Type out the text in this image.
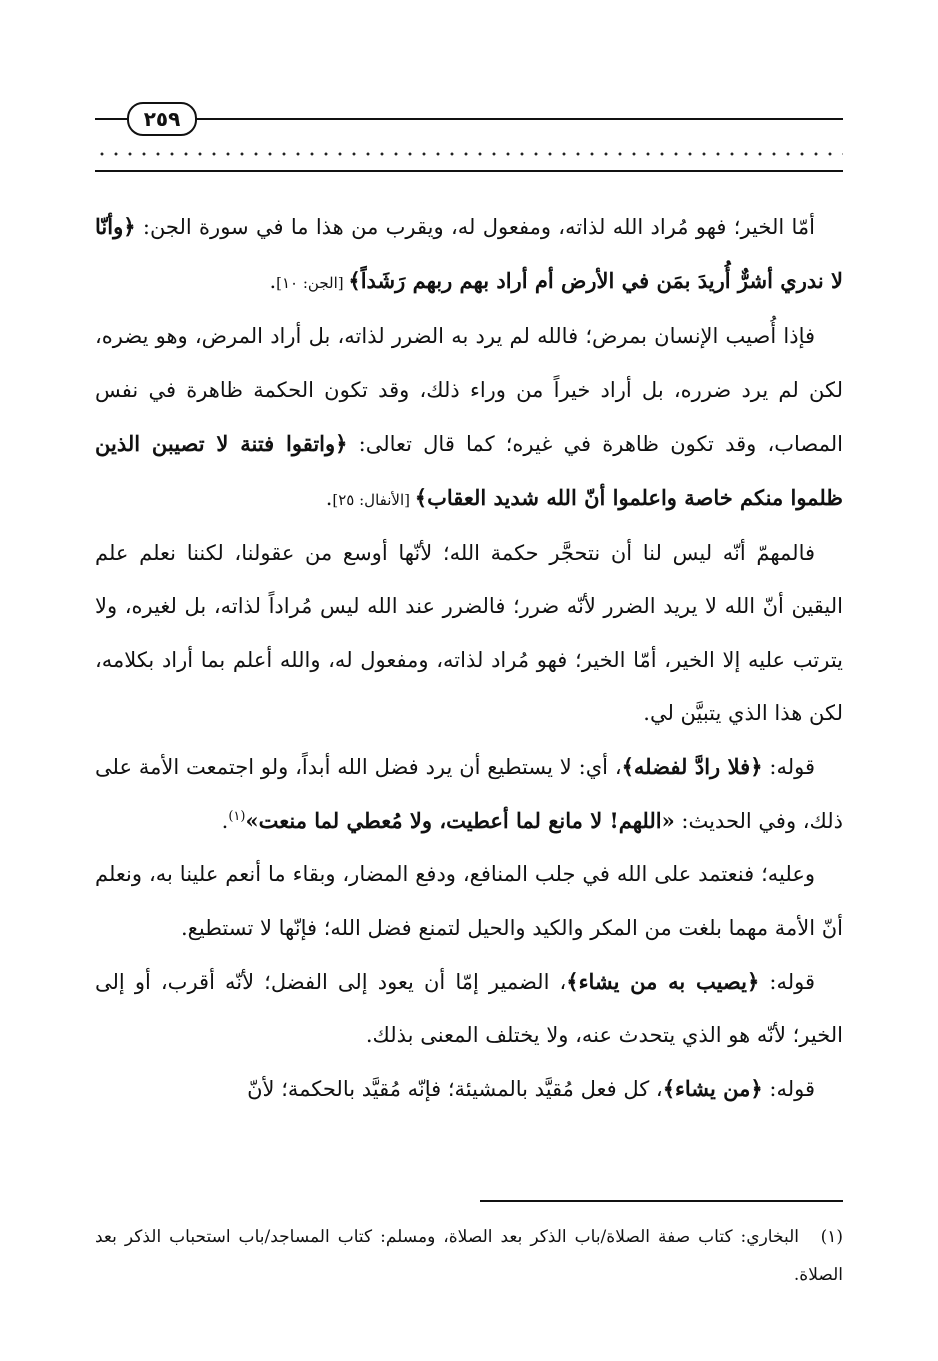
٢٥٩

أمّا الخير؛ فهو مُراد الله لذاته، ومفعول له، ويقرب من هذا ما في سورة الجن: ﴿وأنّا لا ندري أشرٌّ أُريدَ بمَن في الأرض أم أراد بهم ربهم رَشَداً﴾ [الجن: ١٠].

فإذا أُصيب الإنسان بمرض؛ فالله لم يرد به الضرر لذاته، بل أراد المرض، وهو يضره، لكن لم يرد ضرره، بل أراد خيراً من وراء ذلك، وقد تكون الحكمة ظاهرة في نفس المصاب، وقد تكون ظاهرة في غيره؛ كما قال تعالى: ﴿واتقوا فتنة لا تصيبن الذين ظلموا منكم خاصة واعلموا أنّ الله شديد العقاب﴾ [الأنفال: ٢٥].

فالمهمّ أنّه ليس لنا أن نتحجَّر حكمة الله؛ لأنّها أوسع من عقولنا، لكننا نعلم علم اليقين أنّ الله لا يريد الضرر لأنّه ضرر؛ فالضرر عند الله ليس مُراداً لذاته، بل لغيره، ولا يترتب عليه إلا الخير، أمّا الخير؛ فهو مُراد لذاته، ومفعول له، والله أعلم بما أراد بكلامه، لكن هذا الذي يتبيَّن لي.

قوله: ﴿فلا رادَّ لفضله﴾، أي: لا يستطيع أن يرد فضل الله أبداً، ولو اجتمعت الأمة على ذلك، وفي الحديث: «اللهم! لا مانع لما أعطيت، ولا مُعطي لما منعت»$^{(١)}$.

وعليه؛ فنعتمد على الله في جلب المنافع، ودفع المضار، وبقاء ما أنعم علينا به، ونعلم أنّ الأمة مهما بلغت من المكر والكيد والحيل لتمنع فضل الله؛ فإنّها لا تستطيع.

قوله: ﴿يصيب به من يشاء﴾، الضمير إمّا أن يعود إلى الفضل؛ لأنّه أقرب، أو إلى الخير؛ لأنّه هو الذي يتحدث عنه، ولا يختلف المعنى بذلك.

قوله: ﴿من يشاء﴾، كل فعل مُقيَّد بالمشيئة؛ فإنّه مُقيَّد بالحكمة؛ لأنّ

(١)البخاري: كتاب صفة الصلاة/باب الذكر بعد الصلاة، ومسلم: كتاب المساجد/باب استحباب الذكر بعد الصلاة.
